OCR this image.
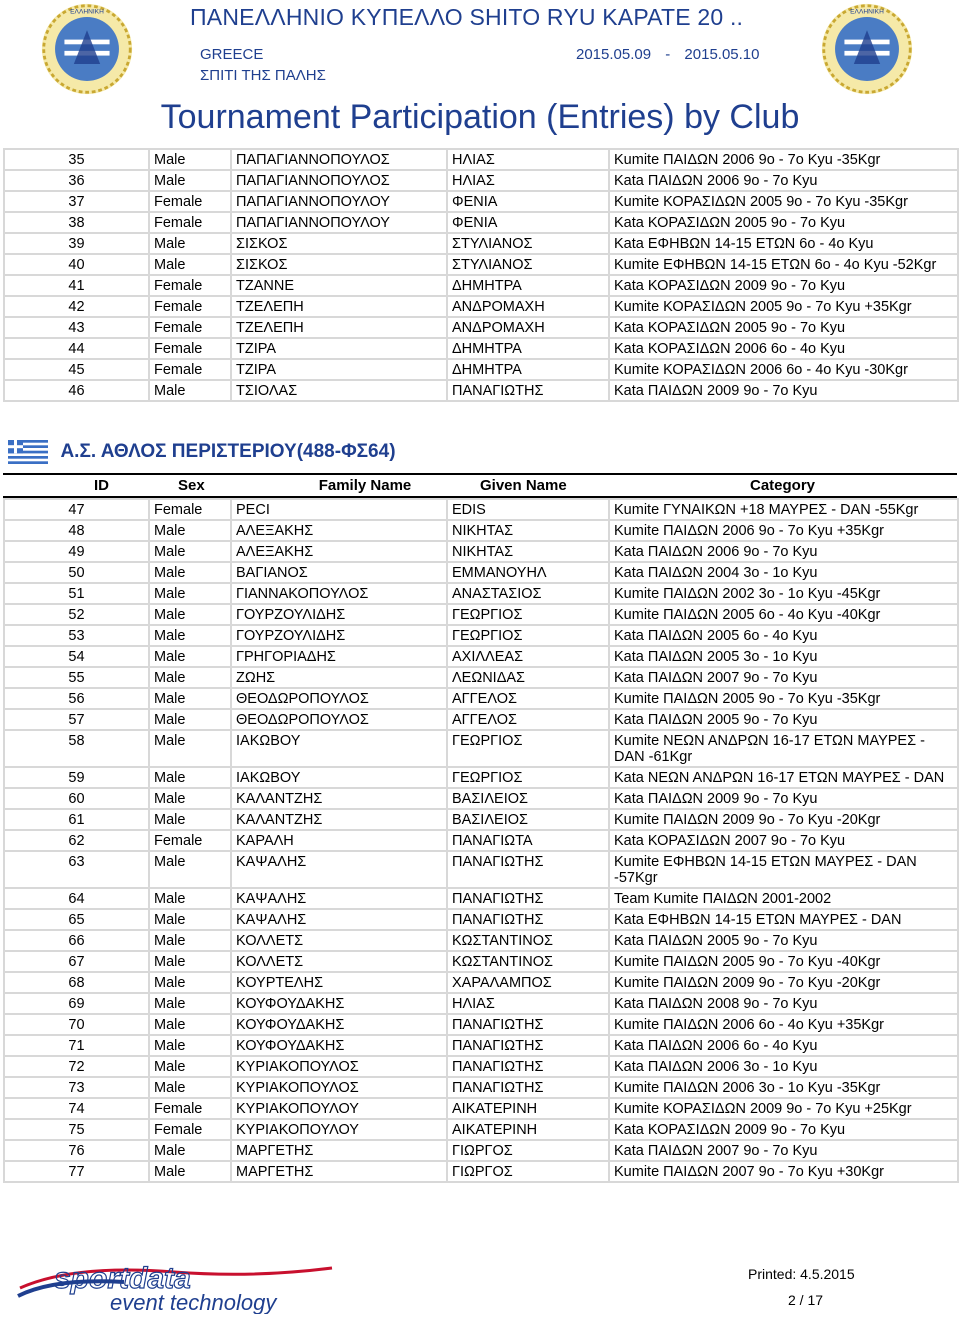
ΠΑΝΕΛΛΗΝΙΟ ΚΥΠΕΛΛΟ SHITO RYU ΚΑΡΑΤΕ 20 ..
GREECE
ΣΠΙΤΙ ΤΗΣ ΠΑΛΗΣ
2015.05.09 - 2015.05.10
Tournament Participation (Entries) by Club
ΕΛΛΗΝΙΚΗ	ΕΛΛΗΝΙΚΗ
35	Male	ΠΑΠΑΓΙΑΝΝΟΠΟΥΛΟΣ	ΗΛΙΑΣ	Kumite ΠΑΙΔΩΝ 2006 9ο - 7ο Kyu -35Kgr
36	Male	ΠΑΠΑΓΙΑΝΝΟΠΟΥΛΟΣ	ΗΛΙΑΣ	Kata ΠΑΙΔΩΝ 2006 9ο - 7ο Kyu
37	Female	ΠΑΠΑΓΙΑΝΝΟΠΟΥΛΟΥ	ΦΕΝΙΑ	Kumite ΚΟΡΑΣΙΔΩΝ 2005 9ο - 7ο Kyu -35Kgr
38	Female	ΠΑΠΑΓΙΑΝΝΟΠΟΥΛΟΥ	ΦΕΝΙΑ	Kata ΚΟΡΑΣΙΔΩΝ 2005 9ο - 7ο Kyu
39	Male	ΣΙΣΚΟΣ	ΣΤΥΛΙΑΝΟΣ	Kata ΕΦΗΒΩΝ 14-15 ΕΤΩΝ 6ο - 4ο Kyu
40	Male	ΣΙΣΚΟΣ	ΣΤΥΛΙΑΝΟΣ	Kumite ΕΦΗΒΩΝ 14-15 ΕΤΩΝ 6ο - 4ο Kyu -52Kgr
41	Female	ΤΖΑΝΝΕ	ΔΗΜΗΤΡΑ	Kata ΚΟΡΑΣΙΔΩΝ 2009 9ο - 7ο Kyu
42	Female	ΤΖΕΛΕΠΗ	ΑΝΔΡΟΜΑΧΗ	Kumite ΚΟΡΑΣΙΔΩΝ 2005 9ο - 7ο Kyu +35Kgr
43	Female	ΤΖΕΛΕΠΗ	ΑΝΔΡΟΜΑΧΗ	Kata ΚΟΡΑΣΙΔΩΝ 2005 9ο - 7ο Kyu
44	Female	ΤΖΙΡΑ	ΔΗΜΗΤΡΑ	Kata ΚΟΡΑΣΙΔΩΝ 2006 6ο - 4ο Kyu
45	Female	ΤΖΙΡΑ	ΔΗΜΗΤΡΑ	Kumite ΚΟΡΑΣΙΔΩΝ 2006 6ο - 4ο Kyu -30Kgr
46	Male	ΤΣΙΟΛΑΣ	ΠΑΝΑΓΙΩΤΗΣ	Kata ΠΑΙΔΩΝ 2009 9ο - 7ο Kyu
Α.Σ. ΑΘΛΟΣ ΠΕΡΙΣΤΕΡΙΟΥ(488-ΦΣ64)
ID	Sex	Family Name	Given Name	Category
47	Female	PECI	EDIS	Kumite ΓΥΝΑΙΚΩΝ +18 ΜΑΥΡΕΣ - DAN -55Kgr
48	Male	ΑΛΕΞΑΚΗΣ	ΝΙΚΗΤΑΣ	Kumite ΠΑΙΔΩΝ 2006 9ο - 7ο Kyu +35Kgr
49	Male	ΑΛΕΞΑΚΗΣ	ΝΙΚΗΤΑΣ	Kata ΠΑΙΔΩΝ 2006 9ο - 7ο Kyu
50	Male	ΒΑΓΙΑΝΟΣ	ΕΜΜΑΝΟΥΗΛ	Kata ΠΑΙΔΩΝ 2004 3ο - 1ο Kyu
51	Male	ΓΙΑΝΝΑΚΟΠΟΥΛΟΣ	ΑΝΑΣΤΑΣΙΟΣ	Kumite ΠΑΙΔΩΝ 2002 3ο - 1ο Kyu -45Kgr
52	Male	ΓΟΥΡΖΟΥΛΙΔΗΣ	ΓΕΩΡΓΙΟΣ	Kumite ΠΑΙΔΩΝ 2005 6ο - 4ο Kyu -40Kgr
53	Male	ΓΟΥΡΖΟΥΛΙΔΗΣ	ΓΕΩΡΓΙΟΣ	Kata ΠΑΙΔΩΝ 2005 6ο - 4ο Kyu
54	Male	ΓΡΗΓΟΡΙΑΔΗΣ	ΑΧΙΛΛΕΑΣ	Kata ΠΑΙΔΩΝ 2005 3ο - 1ο Kyu
55	Male	ΖΩΗΣ	ΛΕΩΝΙΔΑΣ	Kata ΠΑΙΔΩΝ 2007 9ο - 7ο Kyu
56	Male	ΘΕΟΔΩΡΟΠΟΥΛΟΣ	ΑΓΓΕΛΟΣ	Kumite ΠΑΙΔΩΝ 2005 9ο - 7ο Kyu -35Kgr
57	Male	ΘΕΟΔΩΡΟΠΟΥΛΟΣ	ΑΓΓΕΛΟΣ	Kata ΠΑΙΔΩΝ 2005 9ο - 7ο Kyu
58	Male	ΙΑΚΩΒΟΥ	ΓΕΩΡΓΙΟΣ	Kumite ΝΕΩΝ ΑΝΔΡΩΝ 16-17 ΕΤΩΝ ΜΑΥΡΕΣ - DAN -61Kgr
59	Male	ΙΑΚΩΒΟΥ	ΓΕΩΡΓΙΟΣ	Kata ΝΕΩΝ ΑΝΔΡΩΝ 16-17 ΕΤΩΝ ΜΑΥΡΕΣ - DAN
60	Male	ΚΑΛΑΝΤΖΗΣ	ΒΑΣΙΛΕΙΟΣ	Kata ΠΑΙΔΩΝ 2009 9ο - 7ο Kyu
61	Male	ΚΑΛΑΝΤΖΗΣ	ΒΑΣΙΛΕΙΟΣ	Kumite ΠΑΙΔΩΝ 2009 9ο - 7ο Kyu -20Kgr
62	Female	ΚΑΡΑΛΗ	ΠΑΝΑΓΙΩΤΑ	Kata ΚΟΡΑΣΙΔΩΝ 2007 9ο - 7ο Kyu
63	Male	ΚΑΨΑΛΗΣ	ΠΑΝΑΓΙΩΤΗΣ	Kumite ΕΦΗΒΩΝ 14-15 ΕΤΩΝ ΜΑΥΡΕΣ - DAN -57Kgr
64	Male	ΚΑΨΑΛΗΣ	ΠΑΝΑΓΙΩΤΗΣ	Team Kumite ΠΑΙΔΩΝ 2001-2002
65	Male	ΚΑΨΑΛΗΣ	ΠΑΝΑΓΙΩΤΗΣ	Kata ΕΦΗΒΩΝ 14-15 ΕΤΩΝ ΜΑΥΡΕΣ - DAN
66	Male	ΚΟΛΛΕΤΣ	ΚΩΣΤΑΝΤΙΝΟΣ	Kata ΠΑΙΔΩΝ 2005 9ο - 7ο Kyu
67	Male	ΚΟΛΛΕΤΣ	ΚΩΣΤΑΝΤΙΝΟΣ	Kumite ΠΑΙΔΩΝ 2005 9ο - 7ο Kyu -40Kgr
68	Male	ΚΟΥΡΤΕΛΗΣ	ΧΑΡΑΛΑΜΠΟΣ	Kumite ΠΑΙΔΩΝ 2009 9ο - 7ο Kyu -20Kgr
69	Male	ΚΟΥΦΟΥΔΑΚΗΣ	ΗΛΙΑΣ	Kata ΠΑΙΔΩΝ 2008 9ο - 7ο Kyu
70	Male	ΚΟΥΦΟΥΔΑΚΗΣ	ΠΑΝΑΓΙΩΤΗΣ	Kumite ΠΑΙΔΩΝ 2006 6ο - 4ο Kyu +35Kgr
71	Male	ΚΟΥΦΟΥΔΑΚΗΣ	ΠΑΝΑΓΙΩΤΗΣ	Kata ΠΑΙΔΩΝ 2006 6ο - 4ο Kyu
72	Male	ΚΥΡΙΑΚΟΠΟΥΛΟΣ	ΠΑΝΑΓΙΩΤΗΣ	Kata ΠΑΙΔΩΝ 2006 3ο - 1ο Kyu
73	Male	ΚΥΡΙΑΚΟΠΟΥΛΟΣ	ΠΑΝΑΓΙΩΤΗΣ	Kumite ΠΑΙΔΩΝ 2006 3ο - 1ο Kyu -35Kgr
74	Female	ΚΥΡΙΑΚΟΠΟΥΛΟΥ	ΑΙΚΑΤΕΡΙΝΗ	Kumite ΚΟΡΑΣΙΔΩΝ 2009 9ο - 7ο Kyu +25Kgr
75	Female	ΚΥΡΙΑΚΟΠΟΥΛΟΥ	ΑΙΚΑΤΕΡΙΝΗ	Kata ΚΟΡΑΣΙΔΩΝ 2009 9ο - 7ο Kyu
76	Male	ΜΑΡΓΕΤΗΣ	ΓΙΩΡΓΟΣ	Kata ΠΑΙΔΩΝ 2007 9ο - 7ο Kyu
77	Male	ΜΑΡΓΕΤΗΣ	ΓΙΩΡΓΟΣ	Kumite ΠΑΙΔΩΝ 2007 9ο - 7ο Kyu +30Kgr
sportdata
event technology
Printed: 4.5.2015
2 / 17
